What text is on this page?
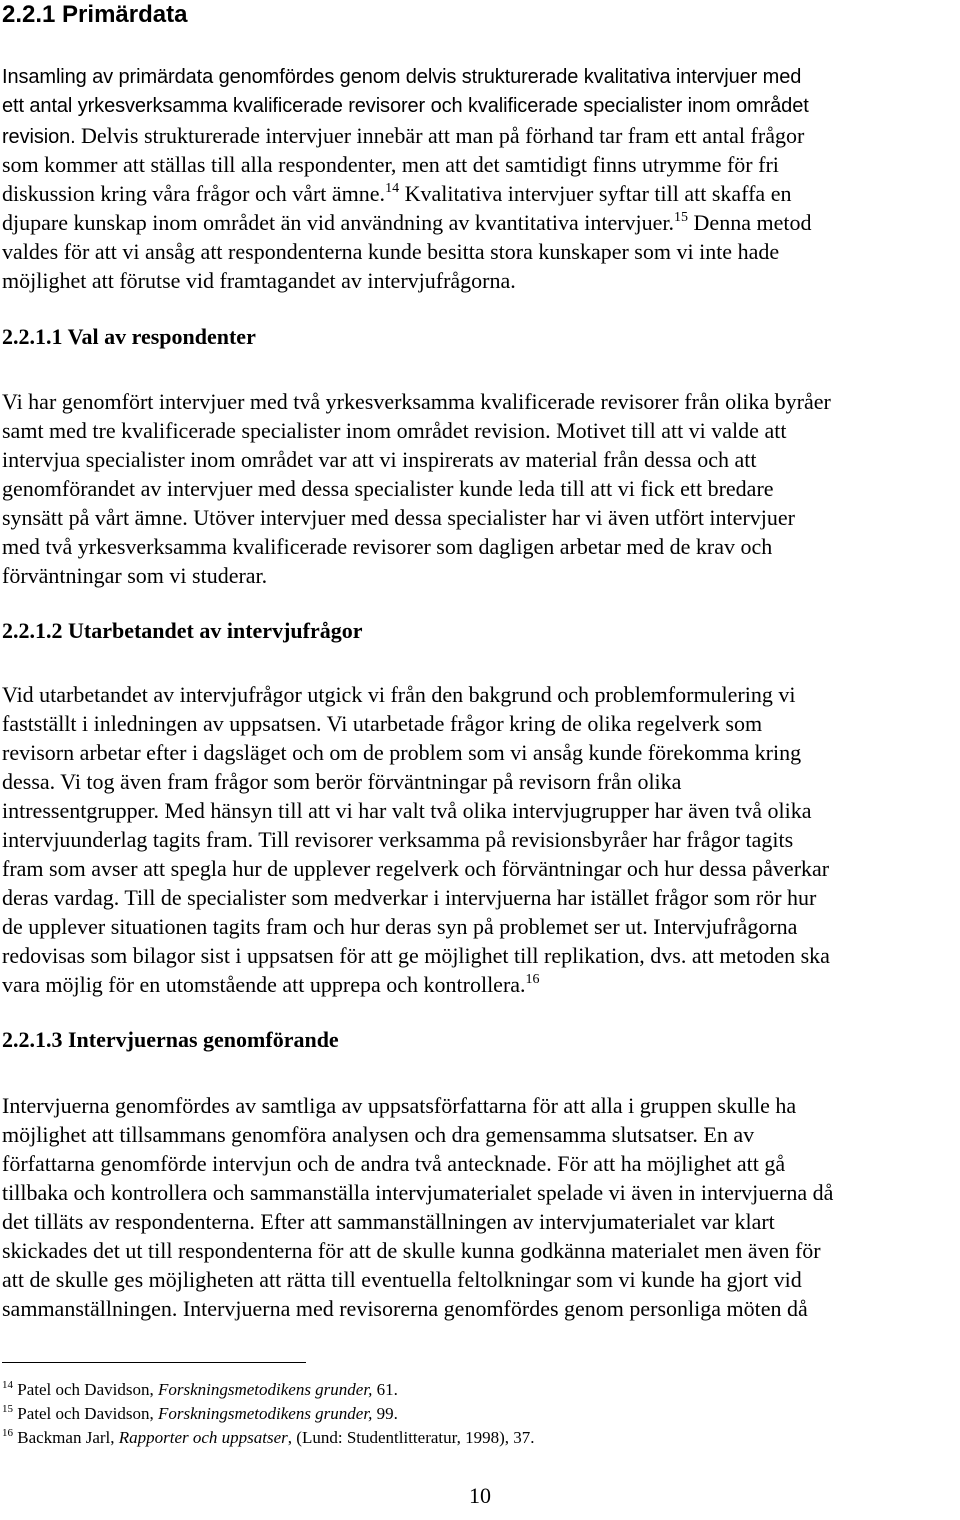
2.2.1 Primärdata
Insamling av primärdata genomfördes genom delvis strukturerade kvalitativa intervjuer med
ett antal yrkesverksamma kvalificerade revisorer och kvalificerade specialister inom området
revision. Delvis strukturerade intervjuer innebär att man på förhand tar fram ett antal frågor
som kommer att ställas till alla respondenter, men att det samtidigt finns utrymme för fri
diskussion kring våra frågor och vårt ämne.$^{14}$ Kvalitativa intervjuer syftar till att skaffa en
djupare kunskap inom området än vid användning av kvantitativa intervjuer.$^{15}$ Denna metod
valdes för att vi ansåg att respondenterna kunde besitta stora kunskaper som vi inte hade
möjlighet att förutse vid framtagandet av intervjufrågorna.
2.2.1.1 Val av respondenter
Vi har genomfört intervjuer med två yrkesverksamma kvalificerade revisorer från olika byråer
samt med tre kvalificerade specialister inom området revision. Motivet till att vi valde att
intervjua specialister inom området var att vi inspirerats av material från dessa och att
genomförandet av intervjuer med dessa specialister kunde leda till att vi fick ett bredare
synsätt på vårt ämne. Utöver intervjuer med dessa specialister har vi även utfört intervjuer
med två yrkesverksamma kvalificerade revisorer som dagligen arbetar med de krav och
förväntningar som vi studerar.
2.2.1.2 Utarbetandet av intervjufrågor
Vid utarbetandet av intervjufrågor utgick vi från den bakgrund och problemformulering vi
fastställt i inledningen av uppsatsen. Vi utarbetade frågor kring de olika regelverk som
revisorn arbetar efter i dagsläget och om de problem som vi ansåg kunde förekomma kring
dessa. Vi tog även fram frågor som berör förväntningar på revisorn från olika
intressentgrupper. Med hänsyn till att vi har valt två olika intervjugrupper har även två olika
intervjuunderlag tagits fram. Till revisorer verksamma på revisionsbyråer har frågor tagits
fram som avser att spegla hur de upplever regelverk och förväntningar och hur dessa påverkar
deras vardag. Till de specialister som medverkar i intervjuerna har istället frågor som rör hur
de upplever situationen tagits fram och hur deras syn på problemet ser ut. Intervjufrågorna
redovisas som bilagor sist i uppsatsen för att ge möjlighet till replikation, dvs. att metoden ska
vara möjlig för en utomstående att upprepa och kontrollera.$^{16}$
2.2.1.3 Intervjuernas genomförande
Intervjuerna genomfördes av samtliga av uppsatsförfattarna för att alla i gruppen skulle ha
möjlighet att tillsammans genomföra analysen och dra gemensamma slutsatser. En av
författarna genomförde intervjun och de andra två antecknade. För att ha möjlighet att gå
tillbaka och kontrollera och sammanställa intervjumaterialet spelade vi även in intervjuerna då
det tilläts av respondenterna. Efter att sammanställningen av intervjumaterialet var klart
skickades det ut till respondenterna för att de skulle kunna godkänna materialet men även för
att de skulle ges möjligheten att rätta till eventuella feltolkningar som vi kunde ha gjort vid
sammanställningen. Intervjuerna med revisorerna genomfördes genom personliga möten då
$^{14}$ Patel och Davidson, Forskningsmetodikens grunder, 61.
$^{15}$ Patel och Davidson, Forskningsmetodikens grunder, 99.
$^{16}$ Backman Jarl, Rapporter och uppsatser, (Lund: Studentlitteratur, 1998), 37.
10
